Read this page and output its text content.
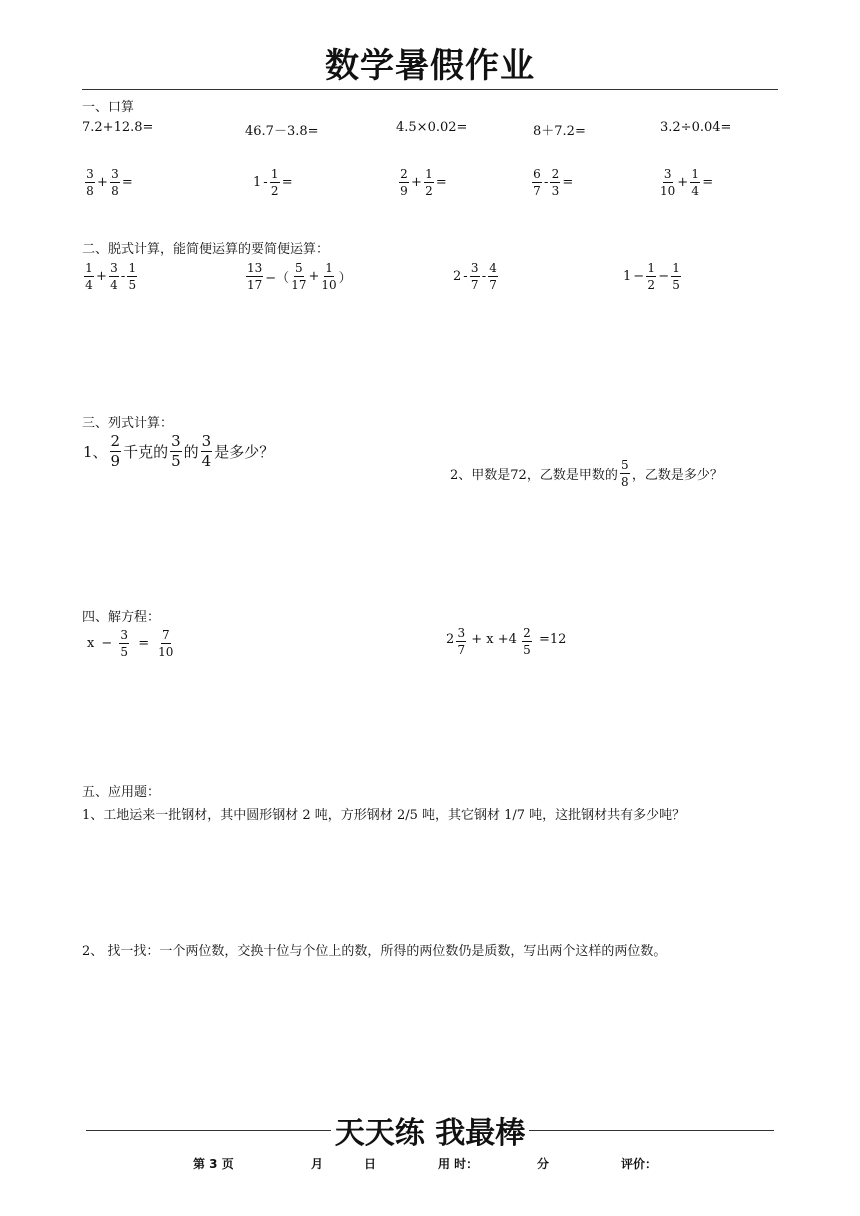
数学暑假作业
一、口算
7.2+12.8=	46.7－3.8=	4.5×0.02=	8＋7.2=	3.2÷0.04=
$\frac{3}{8} + \frac{3}{8}$ =	$1 - \frac{1}{2}$ =	$\frac{2}{9} + \frac{1}{2}$ =	$\frac{6}{7} - \frac{2}{3}$ =	$\frac{3}{10} + \frac{1}{4}$ =
二、脱式计算，能简便运算的要简便运算：
$\frac{1}{4} + \frac{3}{4} - \frac{1}{5}$	$\frac{13}{17}$ −（ $\frac{5}{17} + \frac{1}{10}$ ）	$2 - \frac{3}{7} - \frac{4}{7}$	$1 - \frac{1}{2} - \frac{1}{5}$
三、列式计算：
1、 $\frac{2}{9}$ 千克的 $\frac{3}{5}$ 的 $\frac{3}{4}$ 是多少？
2、甲数是72，乙数是甲数的 $\frac{5}{8}$ ，乙数是多少？
四、解方程：
$x - \frac{3}{5} = \frac{7}{10}$	$2 \frac{3}{7} + x +4 \frac{2}{5} =12$
五、应用题：
1、工地运来一批钢材，其中圆形钢材 2 吨，方形钢材 2/5 吨，其它钢材 1/7 吨，这批钢材共有多少吨？
2、 找一找：一个两位数，交换十位与个位上的数，所得的两位数仍是质数，写出两个这样的两位数。
天天练 我最棒
第 3 页	月	日	用 时：	分	评价：
